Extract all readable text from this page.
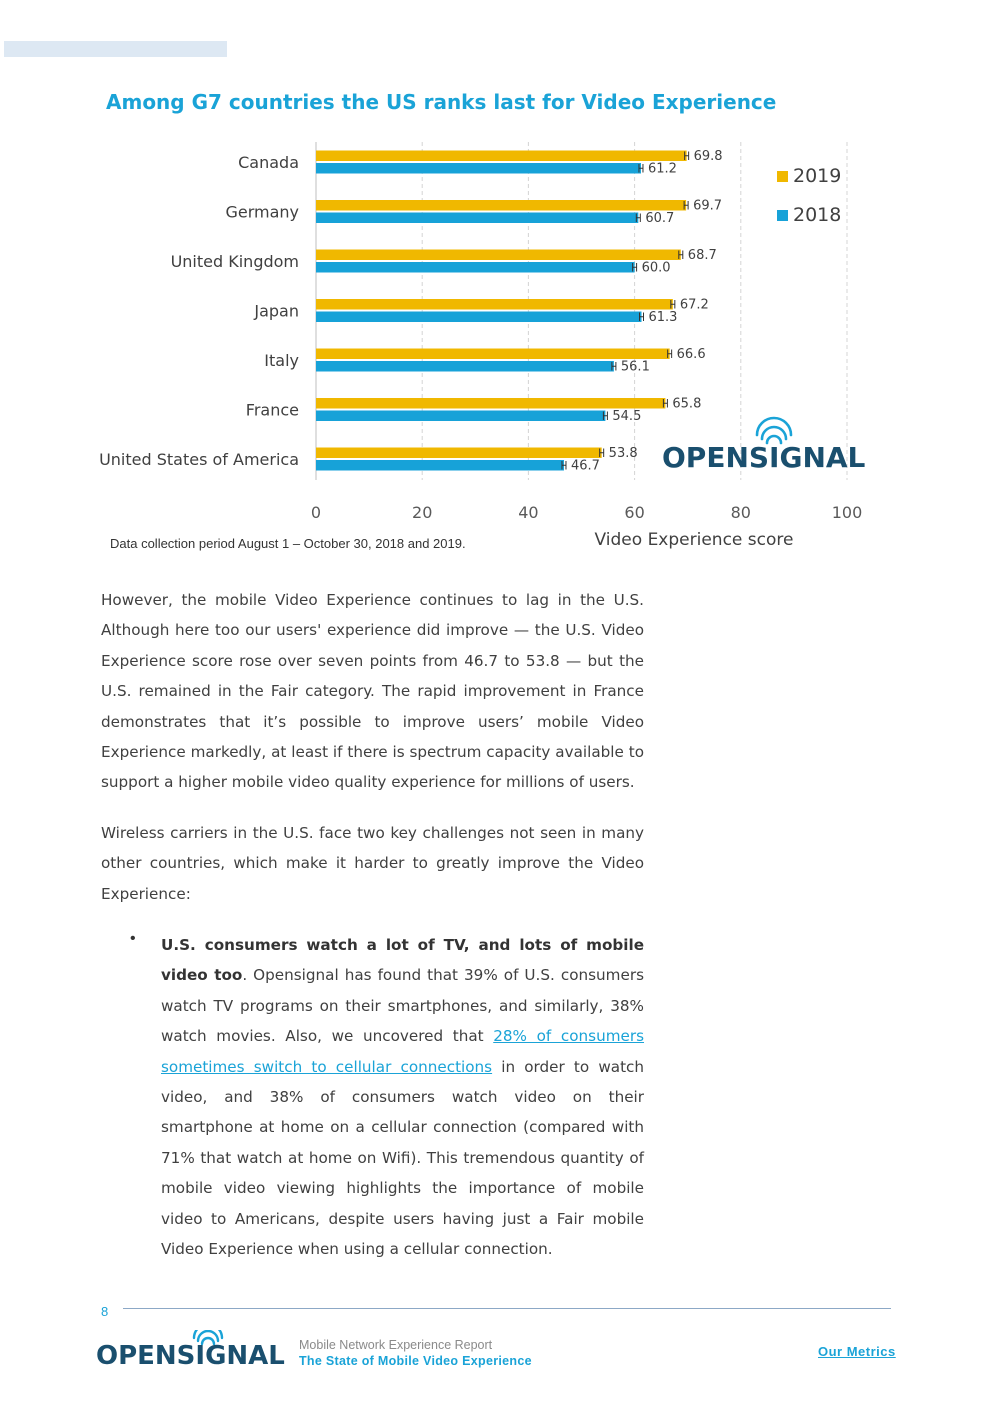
Among G7 countries the US ranks last for Video Experience
0	20	40	60	80	100
Canada	69.8
61.2
Germany	69.7
60.7
United Kingdom	68.7
60.0
Japan	67.2
61.3
Italy	66.6
56.1
France	65.8
54.5
United States of America	53.8
46.7
2019
2018
Video Experience score
OPENSIGNAL
Data collection period August 1 – October 30, 2018 and 2019.

However, the mobile Video Experience continues to lag in the U.S. Although here too our users' experience did improve — the U.S. Video Experience score rose over seven points from 46.7 to 53.8 — but the U.S. remained in the Fair category. The rapid improvement in France demonstrates that it’s possible to improve users’ mobile Video Experience markedly, at least if there is spectrum capacity available to support a higher mobile video quality experience for millions of users.

Wireless carriers in the U.S. face two key challenges not seen in many other countries, which make it harder to greatly improve the Video Experience:

• U.S. consumers watch a lot of TV, and lots of mobile video too. Opensignal has found that 39% of U.S. consumers watch TV programs on their smartphones, and similarly, 38% watch movies. Also, we uncovered that 28% of consumers sometimes switch to cellular connections in order to watch video, and 38% of consumers watch video on their smartphone at home on a cellular connection (compared with 71% that watch at home on Wifi). This tremendous quantity of mobile video viewing highlights the importance of mobile video to Americans, despite users having just a Fair mobile Video Experience when using a cellular connection.

8
OPENSIGNAL Mobile Network Experience Report
The State of Mobile Video Experience
Our Metrics
